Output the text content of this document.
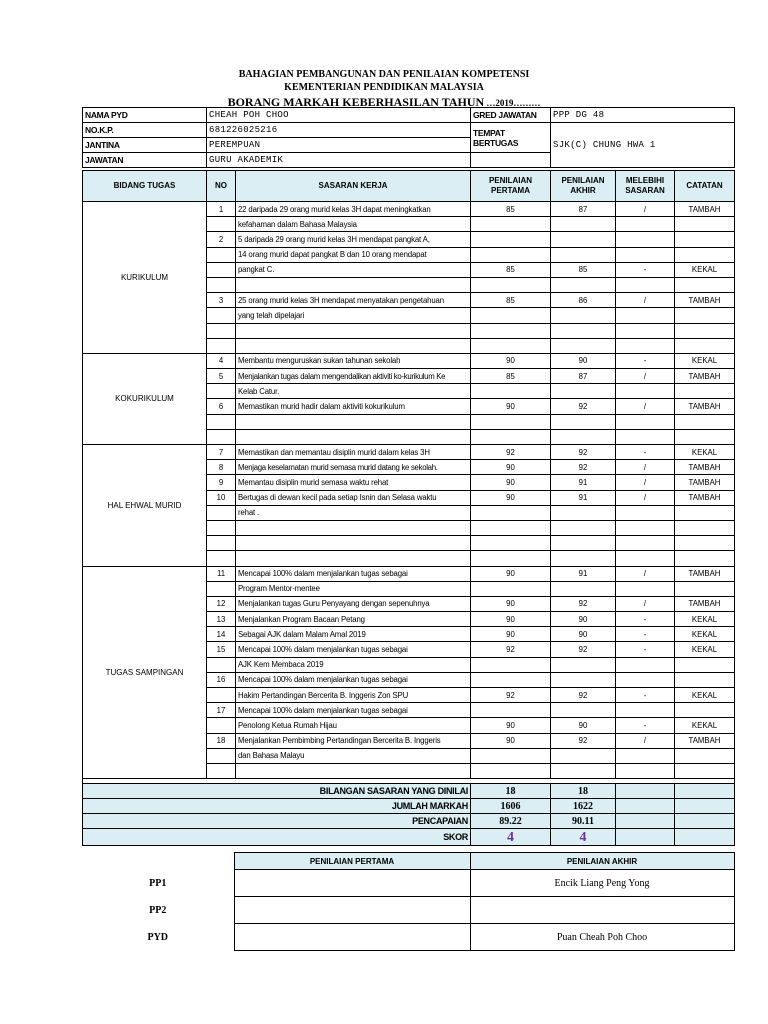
BAHAGIAN PEMBANGUNAN DAN PENILAIAN KOMPETENSI
KEMENTERIAN PENDIDIKAN MALAYSIA
BORANG MARKAH KEBERHASILAN TAHUN …2019………
NAMA PYD	CHEAH POH CHOO	GRED JAWATAN	PPP DG 48
NO.K.P.	681226025216	TEMPAT BERTUGAS	SJK(C) CHUNG HWA 1
JANTINA	PEREMPUAN		
JAWATAN	GURU AKADEMIK		
BIDANG TUGAS	NO	SASARAN KERJA	PENILAIAN PERTAMA	PENILAIAN AKHIR	MELEBIHI SASARAN	CATATAN
KURIKULUM	1	22 daripada 29 orang murid kelas 3H dapat meningkatkan	85	87	/	TAMBAH
		kefahaman dalam Bahasa Malaysia				
	2	5 daripada 29 orang murid kelas 3H mendapat pangkat A,				
		14 orang murid dapat pangkat B dan 10 orang mendapat				
		pangkat C.	85	85	-	KEKAL

	3	25 orang murid kelas 3H mendapat menyatakan pengetahuan	85	86	/	TAMBAH
		yang telah dipelajari				

KOKURIKULUM	4	Membantu menguruskan sukan tahunan sekolah	90	90	-	KEKAL
	5	Menjalankan tugas dalam mengendalikan aktiviti ko-kurikulum Ke	85	87	/	TAMBAH
		Kelab Catur.				
	6	Memastikan murid hadir dalam aktiviti kokurikulum	90	92	/	TAMBAH

HAL EHWAL MURID	7	Memastikan dan memantau disiplin murid dalam kelas 3H	92	92	-	KEKAL
	8	Menjaga keselamatan murid semasa murid datang ke sekolah.	90	92	/	TAMBAH
	9	Memantau disiplin murid semasa waktu rehat	90	91	/	TAMBAH
	10	Bertugas di dewan kecil pada setiap Isnin dan Selasa waktu	90	91	/	TAMBAH
		rehat .				

TUGAS SAMPINGAN	11	Mencapai 100% dalam menjalankan tugas sebagai	90	91	/	TAMBAH
		Program Mentor-mentee				
	12	Menjalankan tugas Guru Penyayang dengan sepenuhnya	90	92	/	TAMBAH
	13	Menjalankan Program Bacaan Petang	90	90	-	KEKAL
	14	Sebagai AJK dalam Malam Amal 2019	90	90	-	KEKAL
	15	Mencapai 100% dalam menjalankan tugas sebagai	92	92	-	KEKAL
		AJK Kem Membaca 2019				
	16	Mencapai 100% dalam menjalankan tugas sebagai				
		Hakim Pertandingan Bercerita B. Inggeris Zon SPU	92	92	-	KEKAL
	17	Mencapai 100% dalam menjalankan tugas sebagai				
		Penolong Ketua Rumah Hijau	90	90	-	KEKAL
	18	Menjalankan Pembimbing Pertandingan Bercerita B. Inggeris	90	92	/	TAMBAH
		dan Bahasa Malayu				

BILANGAN SASARAN YANG DINILAI			18	18		
JUMLAH MARKAH			1606	1622		
PENCAPAIAN			89.22	90.11		
SKOR			4	4		
	PENILAIAN PERTAMA	PENILAIAN AKHIR
PP1		Encik Liang Peng Yong
PP2		
PYD		Puan Cheah Poh Choo
